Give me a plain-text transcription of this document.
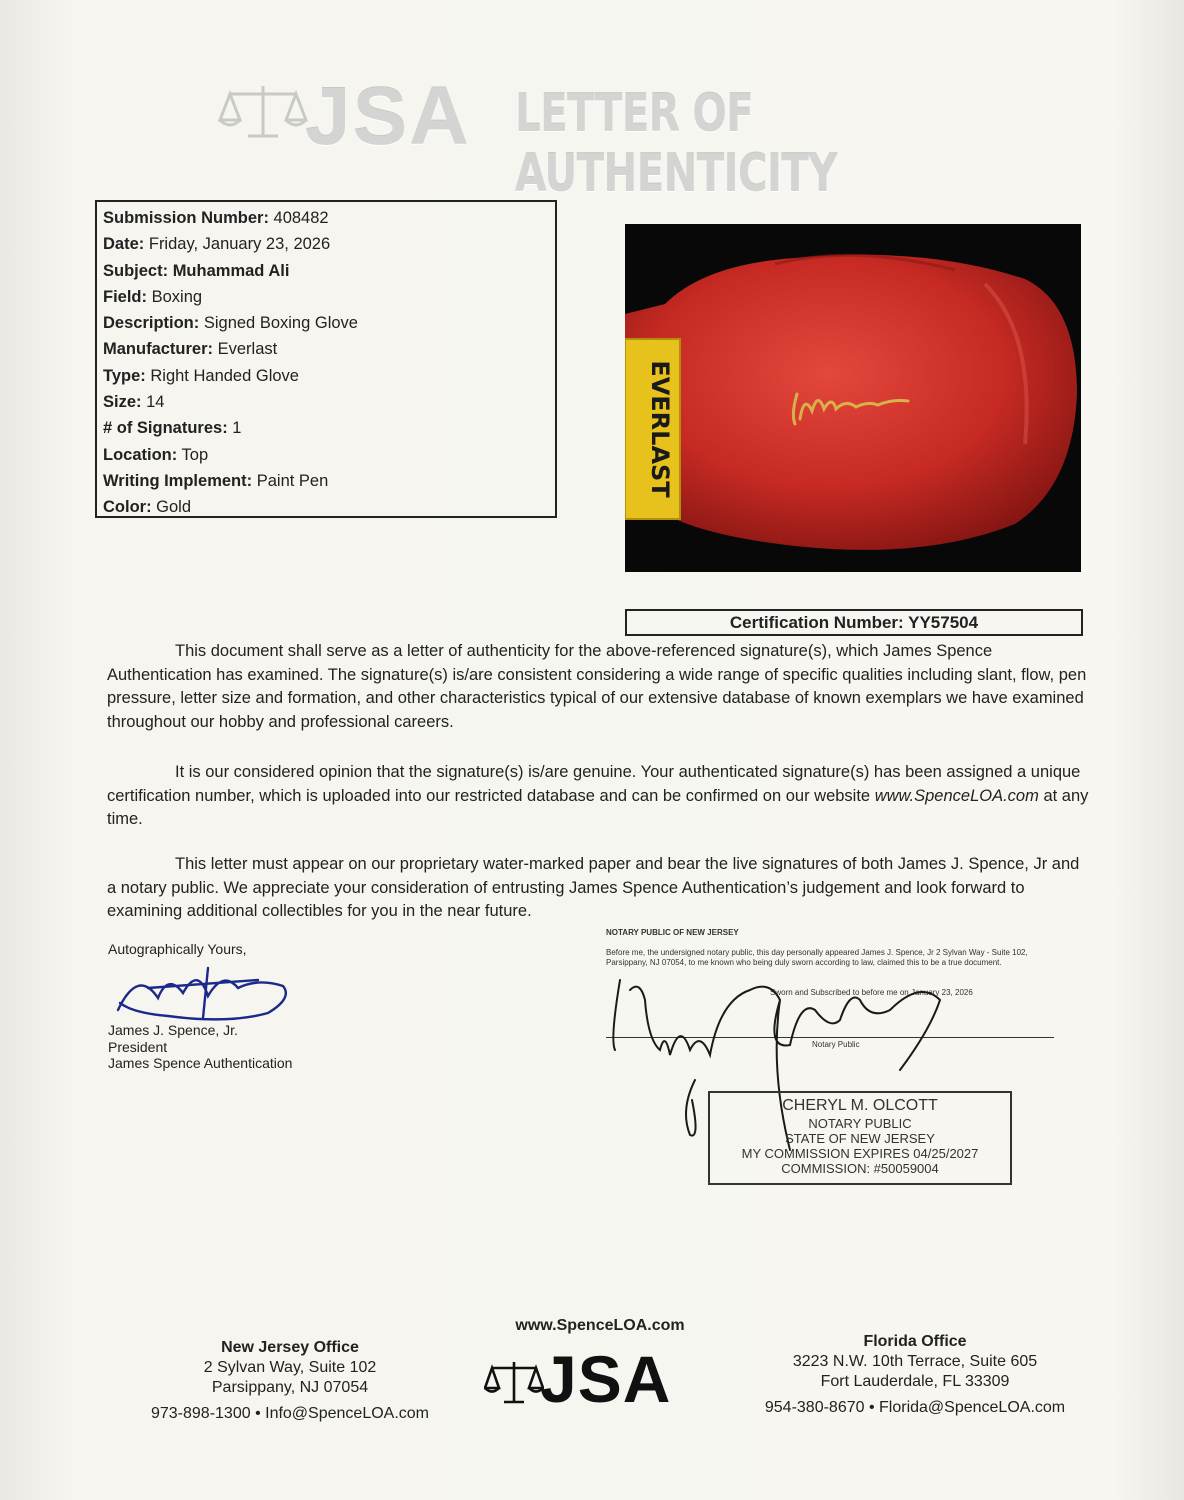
JSA LETTER OF AUTHENTICITY
Submission Number: 408482
Date: Friday, January 23, 2026
Subject: Muhammad Ali
Field: Boxing
Description: Signed Boxing Glove
Manufacturer: Everlast
Type: Right Handed Glove
Size: 14
# of Signatures: 1
Location: Top
Writing Implement: Paint Pen
Color: Gold
EVERLAST
Certification Number: YY57504

This document shall serve as a letter of authenticity for the above-referenced signature(s), which James Spence Authentication has examined. The signature(s) is/are consistent considering a wide range of specific qualities including slant, flow, pen pressure, letter size and formation, and other characteristics typical of our extensive database of known exemplars we have examined throughout our hobby and professional careers.

It is our considered opinion that the signature(s) is/are genuine. Your authenticated signature(s) has been assigned a unique certification number, which is uploaded into our restricted database and can be confirmed on our website www.SpenceLOA.com at any time.

This letter must appear on our proprietary water-marked paper and bear the live signatures of both James J. Spence, Jr and a notary public. We appreciate your consideration of entrusting James Spence Authentication’s judgement and look forward to examining additional collectibles for you in the near future.

Autographically Yours,
James J. Spence, Jr.
President
James Spence Authentication
NOTARY PUBLIC OF NEW JERSEY
Before me, the undersigned notary public, this day personally appeared James J. Spence, Jr 2 Sylvan Way - Suite 102, Parsippany, NJ 07054, to me known who being duly sworn according to law, claimed this to be a true document.
Sworn and Subscribed to before me on January 23, 2026
Notary Public
CHERYL M. OLCOTT
NOTARY PUBLIC
STATE OF NEW JERSEY
MY COMMISSION EXPIRES 04/25/2027
COMMISSION: #50059004
New Jersey Office
2 Sylvan Way, Suite 102
Parsippany, NJ 07054
973-898-1300 • Info@SpenceLOA.com
www.SpenceLOA.com
JSA
Florida Office
3223 N.W. 10th Terrace, Suite 605
Fort Lauderdale, FL 33309
954-380-8670 • Florida@SpenceLOA.com
